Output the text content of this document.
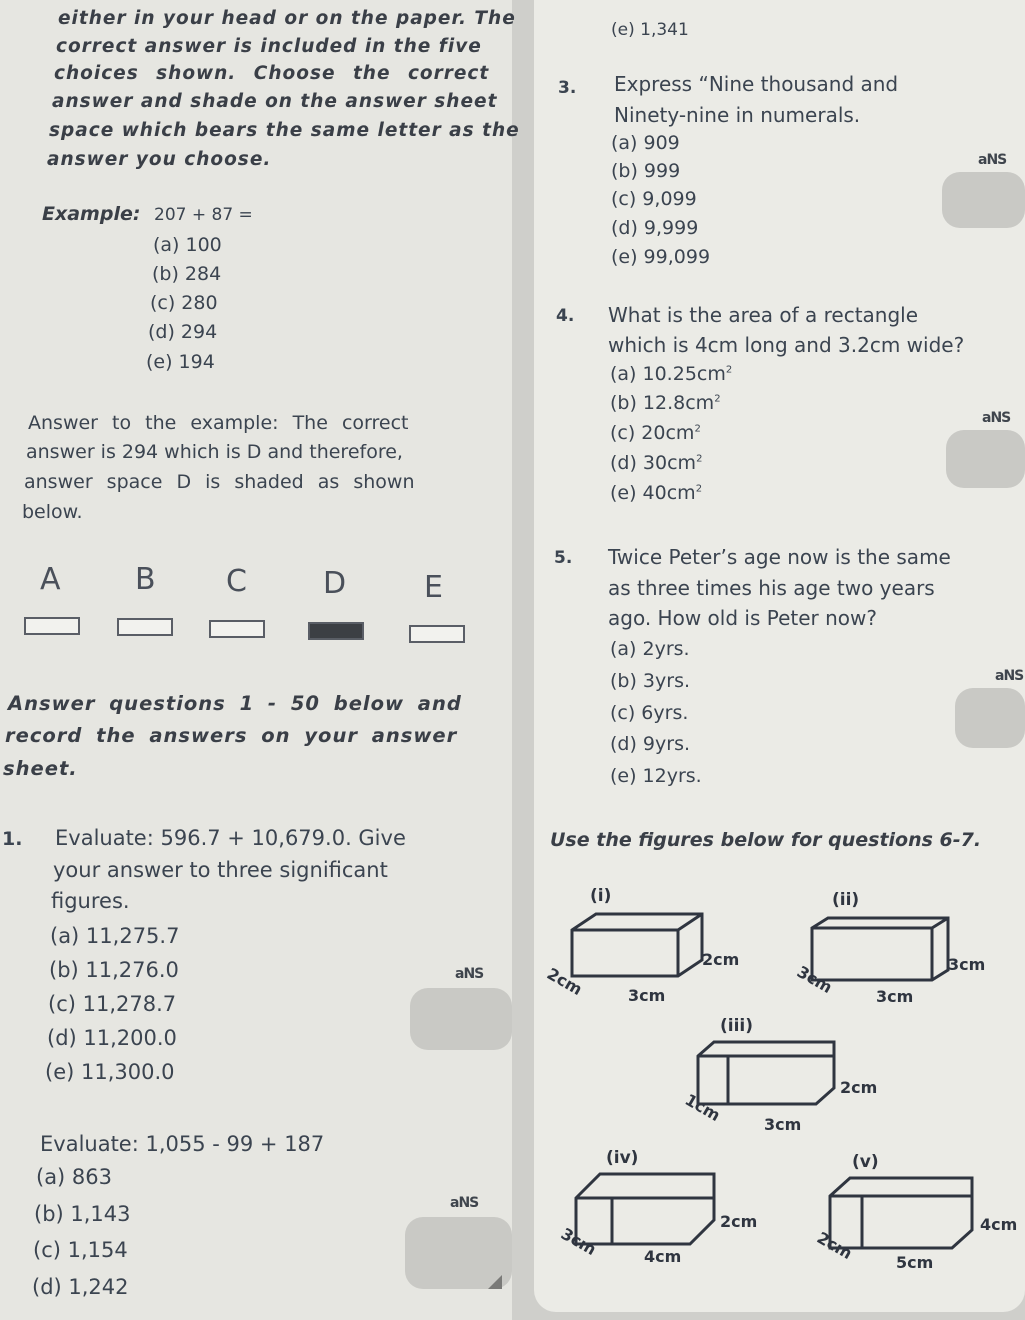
either in your head or on the paper. The
correct answer is included in the five
choices shown. Choose the correct
answer and shade on the answer sheet
space which bears the same letter as the
answer you choose.
Example: 207 + 87 =
(a) 100
(b) 284
(c) 280
(d) 294
(e) 194
Answer to the example: The correct
answer is 294 which is D and therefore,
answer space D is shaded as shown
below.
A B C	D	E
Answer questions 1 - 50 below and
record the answers on your answer
sheet.
1. Evaluate: 596.7 + 10,679.0. Give
your answer to three significant
figures.
(a) 11,275.7
(b) 11,276.0
(c) 11,278.7
(d) 11,200.0
(e) 11,300.0
aNS
Evaluate: 1,055 - 99 + 187
(a) 863
(b) 1,143
(c) 1,154
(d) 1,242
aNS
(e) 1,341
3. Express “Nine thousand and
Ninety-nine in numerals.
(a) 909
(b) 999
(c) 9,099
(d) 9,999
(e) 99,099
aNS
4. What is the area of a rectangle
which is 4cm long and 3.2cm wide?
(a) $10.25cm^2$
(b) $12.8cm^2$
(c) $20cm^2$
(d) $30cm^2$
(e) $40cm^2$
aNS
5. Twice Peter’s age now is the same
as three times his age two years
ago. How old is Peter now?
(a) 2yrs.
(b) 3yrs.
(c) 6yrs.
(d) 9yrs.
(e) 12yrs.
aNS
Use the figures below for questions 6-7.
(i)
2cm
2cm	3cm
(ii)
3cm
3cm	3cm
(iii)
2cm
1cm	3cm
(iv)
2cm
3cm	4cm
(v)
4cm
2cm	5cm
